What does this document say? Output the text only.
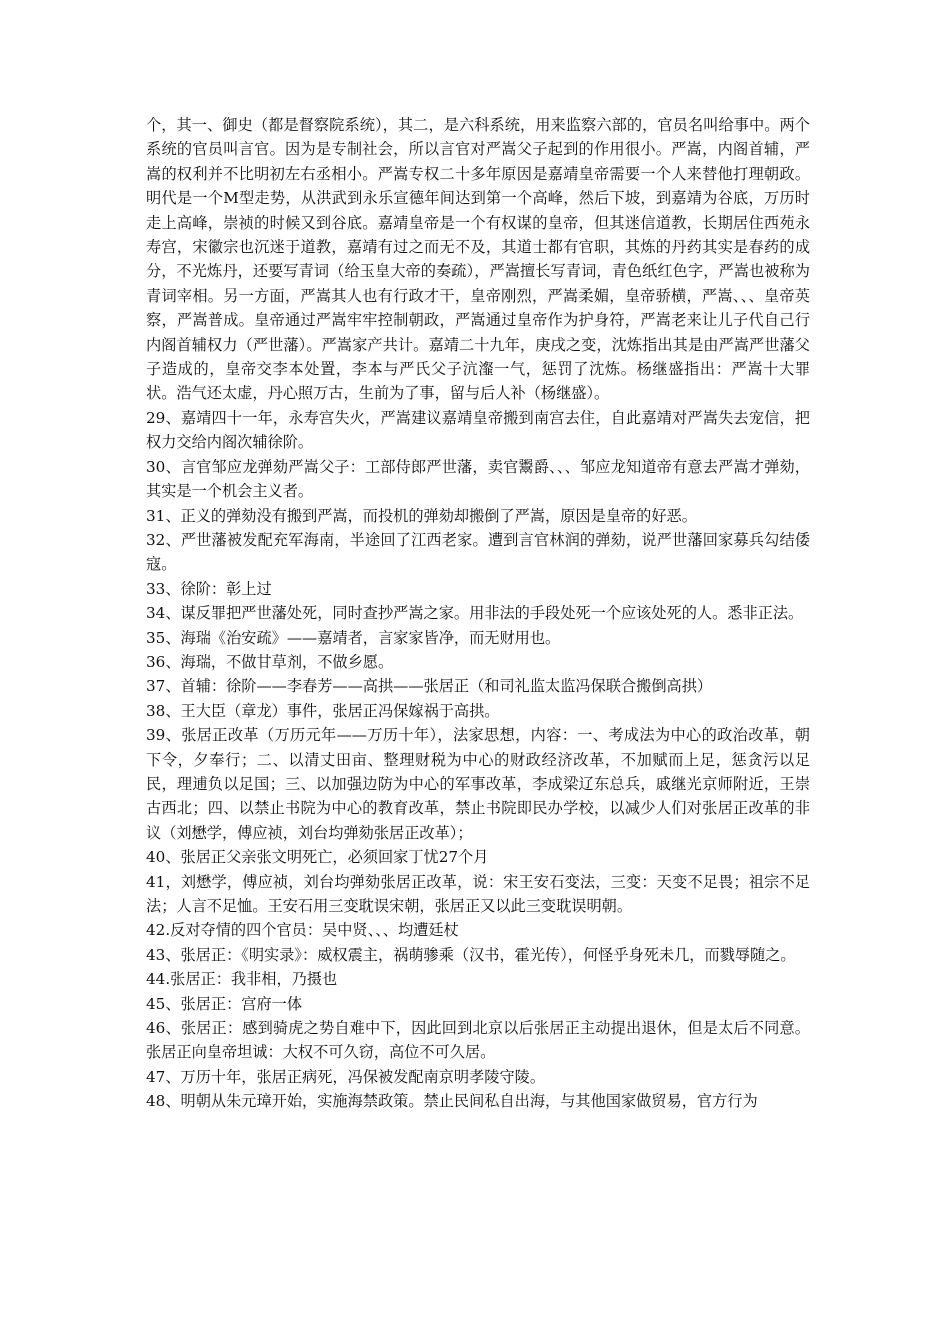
个，其一、御史（都是督察院系统），其二，是六科系统，用来监察六部的，官员名叫给事中。两个系统的官员叫言官。因为是专制社会，所以言官对严嵩父子起到的作用很小。严嵩，内阁首辅，严嵩的权利并不比明初左右丞相小。严嵩专权二十多年原因是嘉靖皇帝需要一个人来替他打理朝政。明代是一个M型走势，从洪武到永乐宣德年间达到第一个高峰，然后下坡，到嘉靖为谷底，万历时走上高峰，崇祯的时候又到谷底。嘉靖皇帝是一个有权谋的皇帝，但其迷信道教，长期居住西苑永寿宫，宋徽宗也沉迷于道教，嘉靖有过之而无不及，其道士都有官职，其炼的丹药其实是春药的成分，不光炼丹，还要写青词（给玉皇大帝的奏疏），严嵩擅长写青词，青色纸红色字，严嵩也被称为青词宰相。另一方面，严嵩其人也有行政才干，皇帝刚烈，严嵩柔媚，皇帝骄横，严嵩、、、皇帝英察，严嵩普成。皇帝通过严嵩牢牢控制朝政，严嵩通过皇帝作为护身符，严嵩老来让儿子代自己行内阁首辅权力（严世藩）。严嵩家产共计。嘉靖二十九年，庚戌之变，沈炼指出其是由严嵩严世藩父子造成的，皇帝交李本处置，李本与严氏父子沆瀣一气，惩罚了沈炼。杨继盛指出：严嵩十大罪状。浩气还太虚，丹心照万古，生前为了事，留与后人补（杨继盛）。

29、嘉靖四十一年，永寿宫失火，严嵩建议嘉靖皇帝搬到南宫去住，自此嘉靖对严嵩失去宠信，把权力交给内阁次辅徐阶。

30、言官邹应龙弹劾严嵩父子：工部侍郎严世藩，卖官鬻爵、、、邹应龙知道帝有意去严嵩才弹劾，其实是一个机会主义者。

31、正义的弹劾没有搬到严嵩，而投机的弹劾却搬倒了严嵩，原因是皇帝的好恶。

32、严世藩被发配充军海南，半途回了江西老家。遭到言官林润的弹劾，说严世藩回家募兵勾结倭寇。

33、徐阶：彰上过

34、谋反罪把严世藩处死，同时查抄严嵩之家。用非法的手段处死一个应该处死的人。悉非正法。

35、海瑞《治安疏》——嘉靖者，言家家皆净，而无财用也。

36、海瑞，不做甘草剂，不做乡愿。

37、首辅：徐阶——李春芳——高拱——张居正（和司礼监太监冯保联合搬倒高拱）

38、王大臣（章龙）事件，张居正冯保嫁祸于高拱。

39、张居正改革（万历元年——万历十年），法家思想，内容：一、考成法为中心的政治改革，朝下令，夕奉行；二、以清丈田亩、整理财税为中心的财政经济改革，不加赋而上足，惩贪污以足民，理逋负以足国；三、以加强边防为中心的军事改革，李成梁辽东总兵，戚继光京师附近，王崇古西北；四、以禁止书院为中心的教育改革，禁止书院即民办学校，以减少人们对张居正改革的非议（刘懋学，傅应祯，刘台均弹劾张居正改革）；

40、张居正父亲张文明死亡，必须回家丁忧27个月

41，刘懋学，傅应祯，刘台均弹劾张居正改革，说：宋王安石变法，三变：天变不足畏；祖宗不足法；人言不足恤。王安石用三变耽误宋朝，张居正又以此三变耽误明朝。

42.反对夺情的四个官员：吴中贤、、、均遭廷杖

43、张居正：《明实录》：威权震主，祸萌骖乘（汉书，霍光传），何怪乎身死未几，而戮辱随之。

44.张居正：我非相，乃摄也

45、张居正：宫府一体

46、张居正：感到骑虎之势自难中下，因此回到北京以后张居正主动提出退休，但是太后不同意。张居正向皇帝坦诚：大权不可久窃，高位不可久居。

47、万历十年，张居正病死，冯保被发配南京明孝陵守陵。

48、明朝从朱元璋开始，实施海禁政策。禁止民间私自出海，与其他国家做贸易，官方行为
